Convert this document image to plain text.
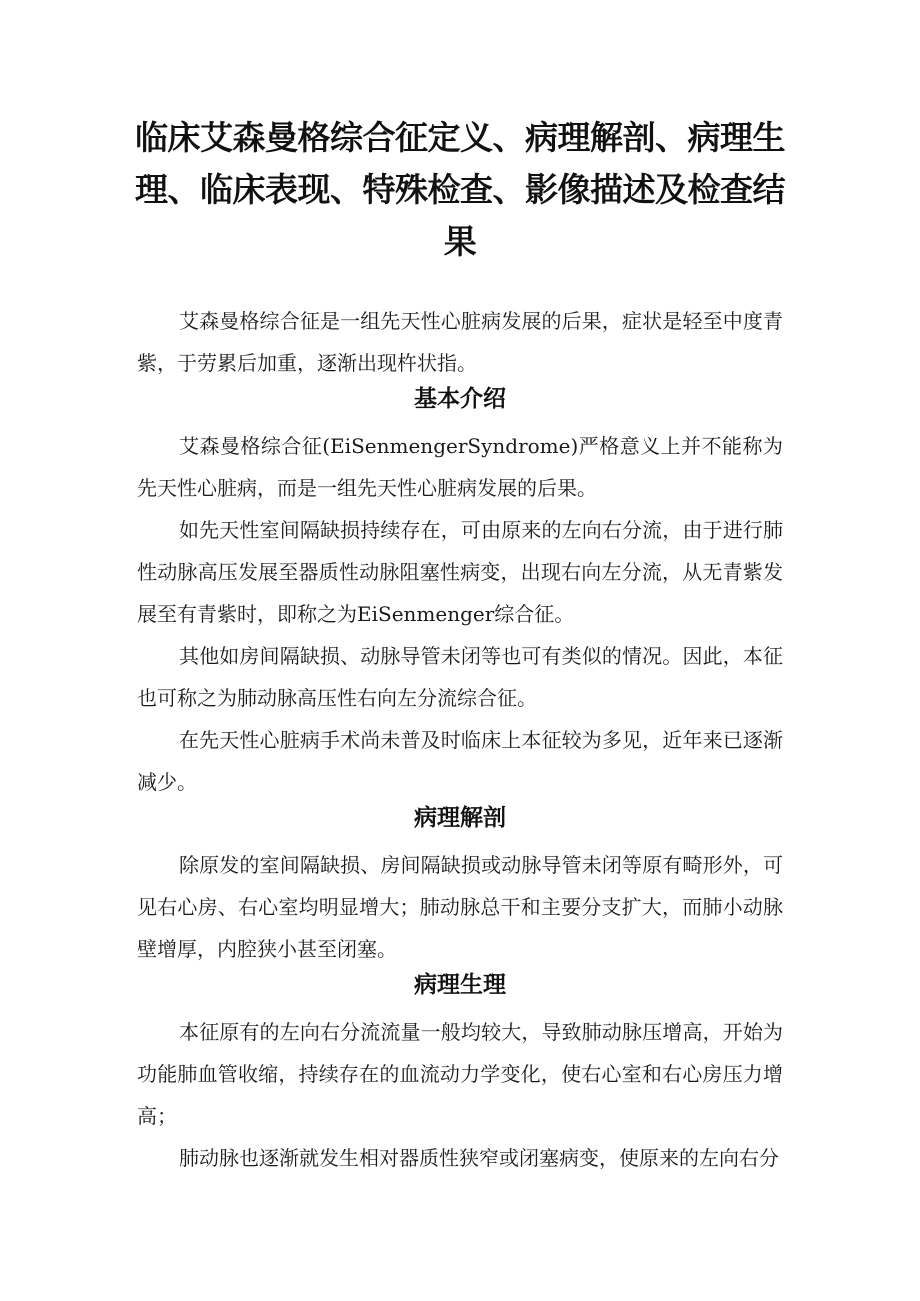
临床艾森曼格综合征定义、病理解剖、病理生理、临床表现、特殊检查、影像描述及检查结果

艾森曼格综合征是一组先天性心脏病发展的后果，症状是轻至中度青紫，于劳累后加重，逐渐出现杵状指。

基本介绍

艾森曼格综合征(EiSenmengerSyndrome)严格意义上并不能称为先天性心脏病，而是一组先天性心脏病发展的后果。

如先天性室间隔缺损持续存在，可由原来的左向右分流，由于进行肺性动脉高压发展至器质性动脉阻塞性病变，出现右向左分流，从无青紫发展至有青紫时，即称之为EiSenmenger综合征。

其他如房间隔缺损、动脉导管未闭等也可有类似的情况。因此，本征也可称之为肺动脉高压性右向左分流综合征。

在先天性心脏病手术尚未普及时临床上本征较为多见，近年来已逐渐减少。

病理解剖

除原发的室间隔缺损、房间隔缺损或动脉导管未闭等原有畸形外，可见右心房、右心室均明显增大；肺动脉总干和主要分支扩大，而肺小动脉壁增厚，内腔狭小甚至闭塞。

病理生理

本征原有的左向右分流流量一般均较大，导致肺动脉压增高，开始为功能肺血管收缩，持续存在的血流动力学变化，使右心室和右心房压力增高；

肺动脉也逐渐就发生相对器质性狭窄或闭塞病变，使原来的左向右分
